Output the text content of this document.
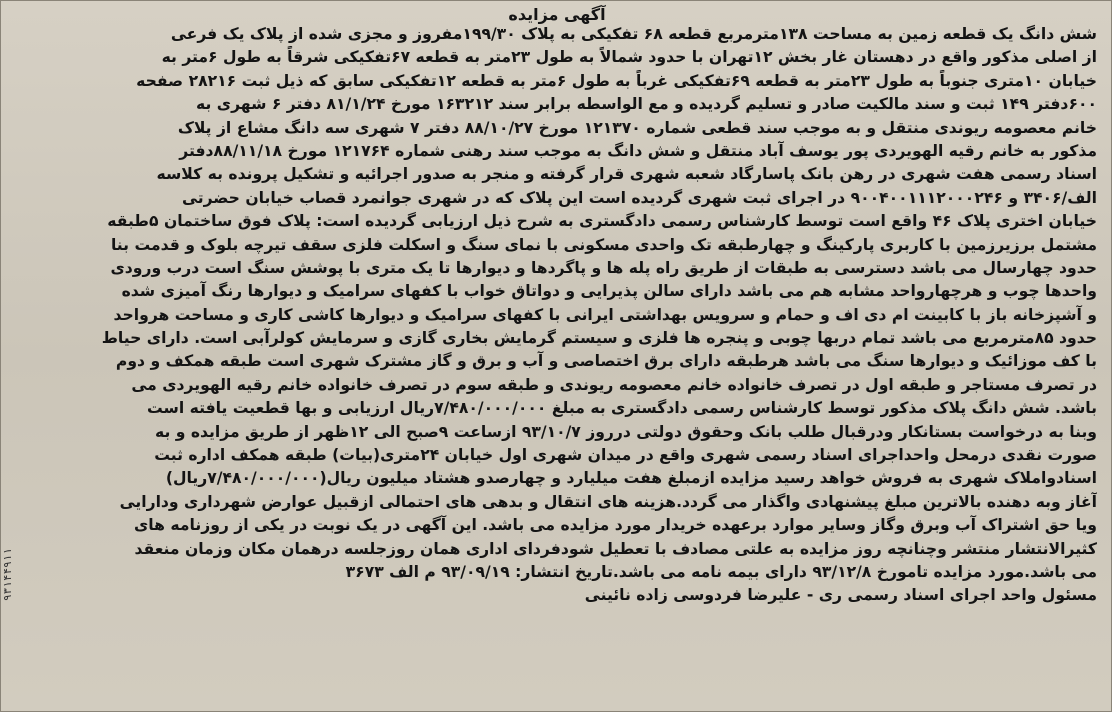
آگهی مزایده
شش دانگ یک قطعه زمین به مساحت ۱۳۸مترمربع قطعه ۶۸ تفکیکی به پلاک ۱۹۹/۳۰مفروز و مجزی شده از پلاک یک فرعی
از اصلی مذکور واقع در دهستان غار بخش ۱۲تهران با حدود شمالاً به طول ۲۳متر به قطعه ۶۷تفکیکی شرقاً به طول ۶متر به
خیابان ۱۰متری جنوباً به طول ۲۳متر به قطعه ۶۹تفکیکی غرباً به طول ۶متر به قطعه ۱۲تفکیکی سابق که ذیل ثبت ۲۸۲۱۶ صفحه
۶۰۰دفتر ۱۴۹ ثبت و سند مالکیت صادر و تسلیم گردیده و مع الواسطه برابر سند ۱۶۳۲۱۲ مورخ ۸۱/۱/۲۴ دفتر ۶ شهری به
خانم معصومه ریوندی منتقل و به موجب سند قطعی شماره ۱۲۱۳۷۰ مورخ ۸۸/۱۰/۲۷ دفتر ۷ شهری سه دانگ مشاع از پلاک
مذکور به خانم رقیه الهویردی پور یوسف آباد منتقل و شش دانگ به موجب سند رهنی شماره ۱۲۱۷۶۴ مورخ ۸۸/۱۱/۱۸دفتر
اسناد رسمی هفت شهری در رهن بانک پاسارگاد شعبه شهری قرار گرفته و منجر به صدور اجرائیه و تشکیل پرونده به کلاسه
الف/۳۴۰۶ و ۹۰۰۴۰۰۱۱۱۲۰۰۰۲۴۶ در اجرای ثبت شهری گردیده است این پلاک که در شهری جوانمرد قصاب خیابان حضرتی
خیابان اختری پلاک ۴۶ واقع است توسط کارشناس رسمی دادگستری به شرح ذیل ارزیابی گردیده است: پلاک فوق ساختمان ۵طبقه
مشتمل برزیرزمین با کاربری پارکینگ و چهارطبقه تک واحدی مسکونی با نمای سنگ و اسکلت فلزی سقف تیرچه بلوک و قدمت بنا
حدود چهارسال می باشد دسترسی به طبقات از طریق راه پله ها و پاگردها و دیوارها تا یک متری با پوشش سنگ است درب ورودی
واحدها چوب و هرچهارواحد مشابه هم می باشد دارای سالن پذیرایی و دواتاق خواب با کفهای سرامیک و دیوارها رنگ آمیزی شده
و آشپزخانه باز با کابینت ام دی اف و حمام و سرویس بهداشتی ایرانی با کفهای سرامیک و دیوارها کاشی کاری و مساحت هرواحد
حدود ۸۵مترمربع می باشد تمام دربها چوبی و پنجره ها فلزی و سیستم گرمایش بخاری گازی و سرمایش کولرآبی است. دارای حیاط
با کف موزائیک و دیوارها سنگ می باشد هرطبقه دارای برق اختصاصی و آب و برق و گاز مشترک شهری است طبقه همکف و دوم
در تصرف مستاجر و طبقه اول در تصرف خانواده خانم معصومه ریوندی و طبقه سوم در تصرف خانواده خانم رقیه الهویردی می
باشد. شش دانگ پلاک مذکور توسط کارشناس رسمی دادگستری به مبلغ ۷/۴۸۰/۰۰۰/۰۰۰ریال ارزیابی و بها قطعیت یافته است
وبنا به درخواست بستانکار ودرقبال طلب بانک وحقوق دولتی درروز ۹۳/۱۰/۷ ازساعت ۹صبح الی ۱۲ظهر از طریق مزایده و به
صورت نقدی درمحل واحداجرای اسناد رسمی شهری واقع در میدان شهری اول خیابان ۲۴متری(بیات) طبقه همکف اداره ثبت
اسنادواملاک شهری به فروش خواهد رسید مزایده ازمبلغ هفت میلیارد و چهارصدو هشتاد میلیون ریال(۷/۴۸۰/۰۰۰/۰۰۰ریال)
آغاز وبه دهنده بالاترین مبلغ پیشنهادی واگذار می گردد.هزینه های انتقال و بدهی های احتمالی ازقبیل عوارض شهرداری ودارایی
ویا حق اشتراک آب وبرق وگاز وسایر موارد برعهده خریدار مورد مزایده می باشد. این آگهی در یک نوبت در یکی از روزنامه های
کثیرالانتشار منتشر وچنانچه روز مزایده به علتی مصادف با تعطیل شودفردای اداری همان روزجلسه درهمان مکان وزمان منعقد
می باشد.مورد مزایده تامورخ ۹۳/۱۲/۸ دارای بیمه نامه می باشد.تاریخ انتشار: ۹۳/۰۹/۱۹ م الف ۳۶۷۳
مسئول واحد اجرای اسناد رسمی ری - علیرضا فردوسی زاده نائینی
۹۳۱۴۴۹۱۱
